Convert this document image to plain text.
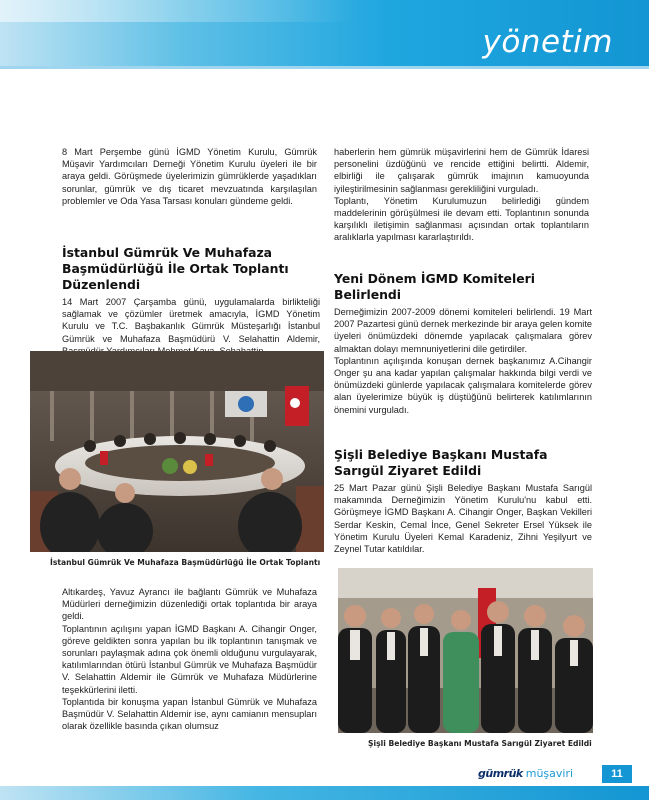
yönetim

8 Mart Perşembe günü İGMD Yönetim Kurulu, Gümrük Müşavir Yardımcıları Derneği Yönetim Kurulu üyeleri ile bir araya geldi. Görüşmede üyelerimizin gümrüklerde yaşadıkları sorunlar, gümrük ve dış ticaret mevzuatında karşılaşılan problemler ve Oda Yasa Tarsası konuları gündeme geldi.

İstanbul Gümrük Ve Muhafaza Başmüdürlüğü İle Ortak Toplantı Düzenlendi

14 Mart 2007 Çarşamba günü, uygulamalarda birlikteliği sağlamak ve çözümler üretmek amacıyla, İGMD Yönetim Kurulu ve T.C. Başbakanlık Gümrük Müsteşarlığı İstanbul Gümrük ve Muhafaza Başmüdürü V. Selahattin Aldemir,

İstanbul Gümrük Ve Muhafaza Başmüdürlüğü İle Ortak Toplantı

Altıkardeş, Yavuz Ayrancı ile bağlantı Gümrük ve Muhafaza Müdürleri derneğimizin düzenlediği ortak toplantıda bir araya geldi.

Toplantının açılışını yapan İGMD Başkanı A. Cihangir Onger, göreve geldikten sonra yapılan bu ilk toplantının tanışmak ve sorunları paylaşmak adına çok önemli olduğunu vurgulayarak, katılımlarından ötürü İstanbul Gümrük ve Muhafaza Başmüdür V. Selahattin Aldemir ile Gümrük ve Muhafaza Müdürlerine teşekkürlerini iletti.

Toplantıda bir konuşma yapan İstanbul Gümrük ve Muhafaza Başmüdür V. Selahattin Aldemir ise, aynı camianın mensupları olarak özellikle basında çıkan olumsuz

haberlerin hem gümrük müşavirlerini hem de Gümrük İdaresi personelini üzdüğünü ve rencide ettiğini belirtti. Aldemir, elbirliği ile çalışarak gümrük imajının kamuoyunda iyileştirilmesinin sağlanması gerekliliğini vurguladı.

Toplantı, Yönetim Kurulumuzun belirlediği gündem maddelerinin görüşülmesi ile devam etti. Toplantının sonunda karşılıklı iletişimin sağlanması açısından ortak toplantıların aralıklarla yapılması kararlaştırıldı.

Yeni Dönem İGMD Komiteleri Belirlendi

Derneğimizin 2007-2009 dönemi komiteleri belirlendi. 19 Mart 2007 Pazartesi günü dernek merkezinde bir araya gelen komite üyeleri önümüzdeki dönemde yapılacak çalışmalara görev almaktan dolayı memnuniyetlerini dile getirdiler.

Toplantının açılışında konuşan dernek başkanımız A.Cihangir Onger şu ana kadar yapılan çalışmalar hakkında bilgi verdi ve önümüzdeki günlerde yapılacak çalışmalara komitelerde görev alan üyelerimize büyük iş düştüğünü belirterek katılımlarının önemini vurguladı.

Şişli Belediye Başkanı Mustafa Sarıgül Ziyaret Edildi

25 Mart Pazar günü Şişli Belediye Başkanı Mustafa Sarıgül makamında Derneğimizin Yönetim Kurulu'nu kabul etti. Görüşmeye İGMD Başkanı A. Cihangir Onger, Başkan Vekilleri Serdar Keskin, Cemal İnce, Genel Sekreter Ersel Yüksek ile Yönetim Kurulu Üyeleri Kemal Karadeniz, Zihni Yeşilyurt ve Zeynel Tutar katıldılar.

Şişli Belediye Başkanı Mustafa Sarıgül Ziyaret Edildi
gümrük müşaviri	11
